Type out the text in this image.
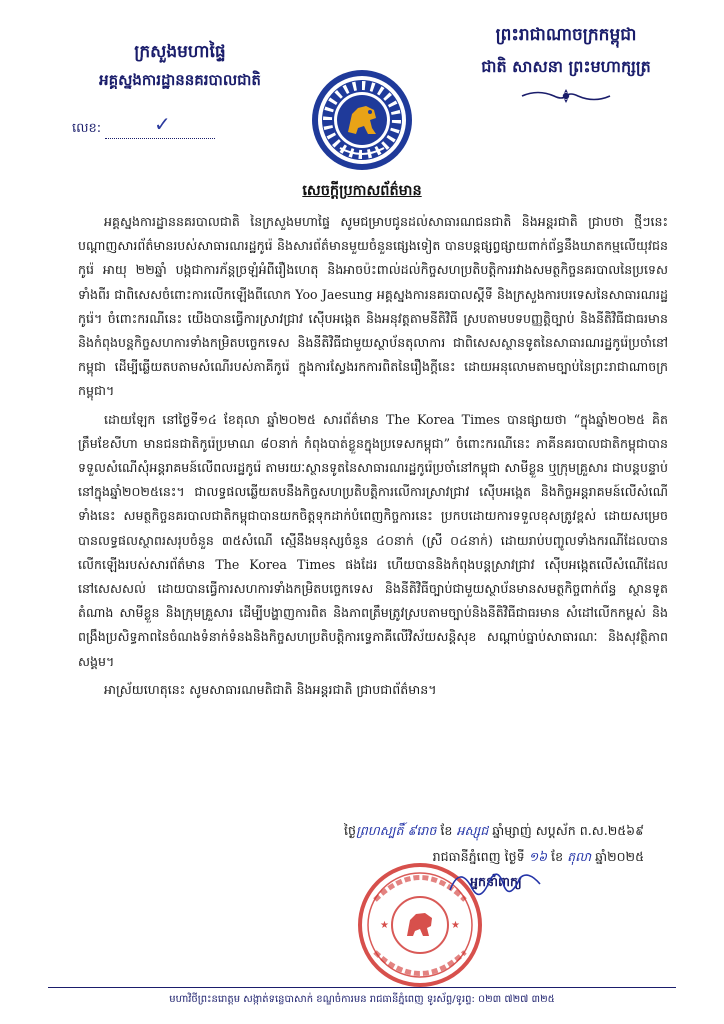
ក្រសួងមហាផ្ទៃ
អគ្គស្នងការដ្ឋាននគរបាលជាតិ
ព្រះរាជាណាចក្រកម្ពុជា
ជាតិ សាសនា ព្រះមហាក្សត្រ
លេខ:	✓
សេចក្តីប្រកាសព័ត៌មាន

អគ្គស្នងការដ្ឋាននគរបាលជាតិ នៃក្រសួងមហាផ្ទៃ សូមជម្រាបជូនដល់សាធារណជនជាតិ និងអន្តរជាតិ ជ្រាបថា ថ្មីៗនេះបណ្តាញសារព័ត៌មានរបស់សាធារណរដ្ឋកូរ៉េ និងសារព័ត៌មានមួយចំនួនផ្សេងទៀត បានបន្តផ្សព្វផ្សាយពាក់ព័ន្ធនឹងឃាតកម្មលើយុវជនកូរ៉េ អាយុ ២២ឆ្នាំ បង្កជាការភ័ន្តច្រឡំអំពីរឿងហេតុ និងអាចប៉ះពាល់ដល់កិច្ចសហប្រតិបត្តិការរវាងសមត្ថកិច្ចនគរបាលនៃប្រទេសទាំងពីរ ជាពិសេសចំពោះការលើកឡើងពីលោក Yoo Jaesung អគ្គស្នងការនគរបាលស្តីទី និងក្រសួងការបរទេសនៃសាធារណរដ្ឋកូរ៉េ។ ចំពោះករណីនេះ យើងបានធ្វើការស្រាវជ្រាវ ស៊ើបអង្កេត និងអនុវត្តតាមនីតិវិធី ស្របតាមបទបញ្ញត្តិច្បាប់ និងនីតិវិធីជាធរមាន និងកំពុងបន្តកិច្ចសហការទាំងកម្រិតបច្ចេកទេស និងនីតិវិធីជាមួយស្ថាប័នតុលាការ ជាពិសេសស្ថានទូតនៃសាធារណរដ្ឋកូរ៉េប្រចាំនៅកម្ពុជា ដើម្បីឆ្លើយតបតាមសំណើរបស់ភាគីកូរ៉េ ក្នុងការស្វែងរកការពិតនៃរឿងក្តីនេះ ដោយអនុលោមតាមច្បាប់នៃព្រះរាជាណាចក្រកម្ពុជា។

ដោយឡែក នៅថ្ងៃទី១៤ ខែតុលា ឆ្នាំ២០២៥ សារព័ត៌មាន The Korea Times បានផ្សាយថា “ក្នុងឆ្នាំ២០២៥ គិតត្រឹមខែសីហា មានជនជាតិកូរ៉េប្រមាណ ៨០នាក់ កំពុងបាត់ខ្លួនក្នុងប្រទេសកម្ពុជា” ចំពោះករណីនេះ ភាគីនគរបាលជាតិកម្ពុជាបានទទួលសំណើសុំអន្តរាគមន៍លើពលរដ្ឋកូរ៉េ តាមរយៈស្ថានទូតនៃសាធារណរដ្ឋកូរ៉េប្រចាំនៅកម្ពុជា សាមីខ្លួន ឬក្រុមគ្រួសារ ជាបន្តបន្ទាប់នៅក្នុងឆ្នាំ២០២៥នេះ។ ជាលទ្ធផលឆ្លើយតបនឹងកិច្ចសហប្រតិបត្តិការលើការស្រាវជ្រាវ ស៊ើបអង្កេត និងកិច្ចអន្តរាគមន៍លើសំណើទាំងនេះ សមត្ថកិច្ចនគរបាលជាតិកម្ពុជាបានយកចិត្តទុកដាក់បំពេញកិច្ចការនេះ ប្រកបដោយការទទួលខុសត្រូវខ្ពស់ ដោយសម្រេចបានលទ្ធផលស្ថាពរសរុបចំនួន ៣៥សំណើ ស្មើនឹងមនុស្សចំនួន ៤០នាក់ (ស្រី ០៤នាក់) ដោយរាប់បញ្ចូលទាំងករណីដែលបានលើកឡើងរបស់សារព័ត៌មាន The Korea Times ផងដែរ ហើយបាននិងកំពុងបន្តស្រាវជ្រាវ ស៊ើបអង្កេតលើសំណើដែលនៅសេសសល់ ដោយបានធ្វើការសហការទាំងកម្រិតបច្ចេកទេស និងនីតិវិធីច្បាប់ជាមួយស្ថាប័នមានសមត្ថកិច្ចពាក់ព័ន្ធ ស្ថានទូតតំណាង សាមីខ្លួន និងក្រុមគ្រួសារ ដើម្បីបង្ហាញការពិត និងភាពត្រឹមត្រូវស្របតាមច្បាប់និងនីតិវិធីជាធរមាន សំដៅលើកកម្ពស់ និងពង្រឹងប្រសិទ្ធភាពនៃចំណងទំនាក់ទំនងនិងកិច្ចសហប្រតិបត្តិការទ្វេភាគីលើវិស័យសន្តិសុខ សណ្តាប់ធ្នាប់សាធារណៈ និងសុវត្ថិភាពសង្គម។

អាស្រ័យហេតុនេះ សូមសាធារណមតិជាតិ និងអន្តរជាតិ ជ្រាបជាព័ត៌មាន។

ថ្ងៃព្រហស្បតិ៍ ៩រោច ខែ អស្សុជ ឆ្នាំម្សាញ់ សប្តស័ក ព.ស.២៥៦៩
រាជធានីភ្នំពេញ ថ្ងៃទី ១៦ ខែ តុលា ឆ្នាំ២០២៥
★	★
អ្នកនាំពាក្យ
មហាវិថីព្រះនរោត្តម សង្កាត់ទន្លេបាសាក់ ខណ្ឌចំការមន រាជធានីភ្នំពេញ ទូរស័ព្ទ/ទូរព្ទ: ០២៣ ៧២៧ ៣២៥
